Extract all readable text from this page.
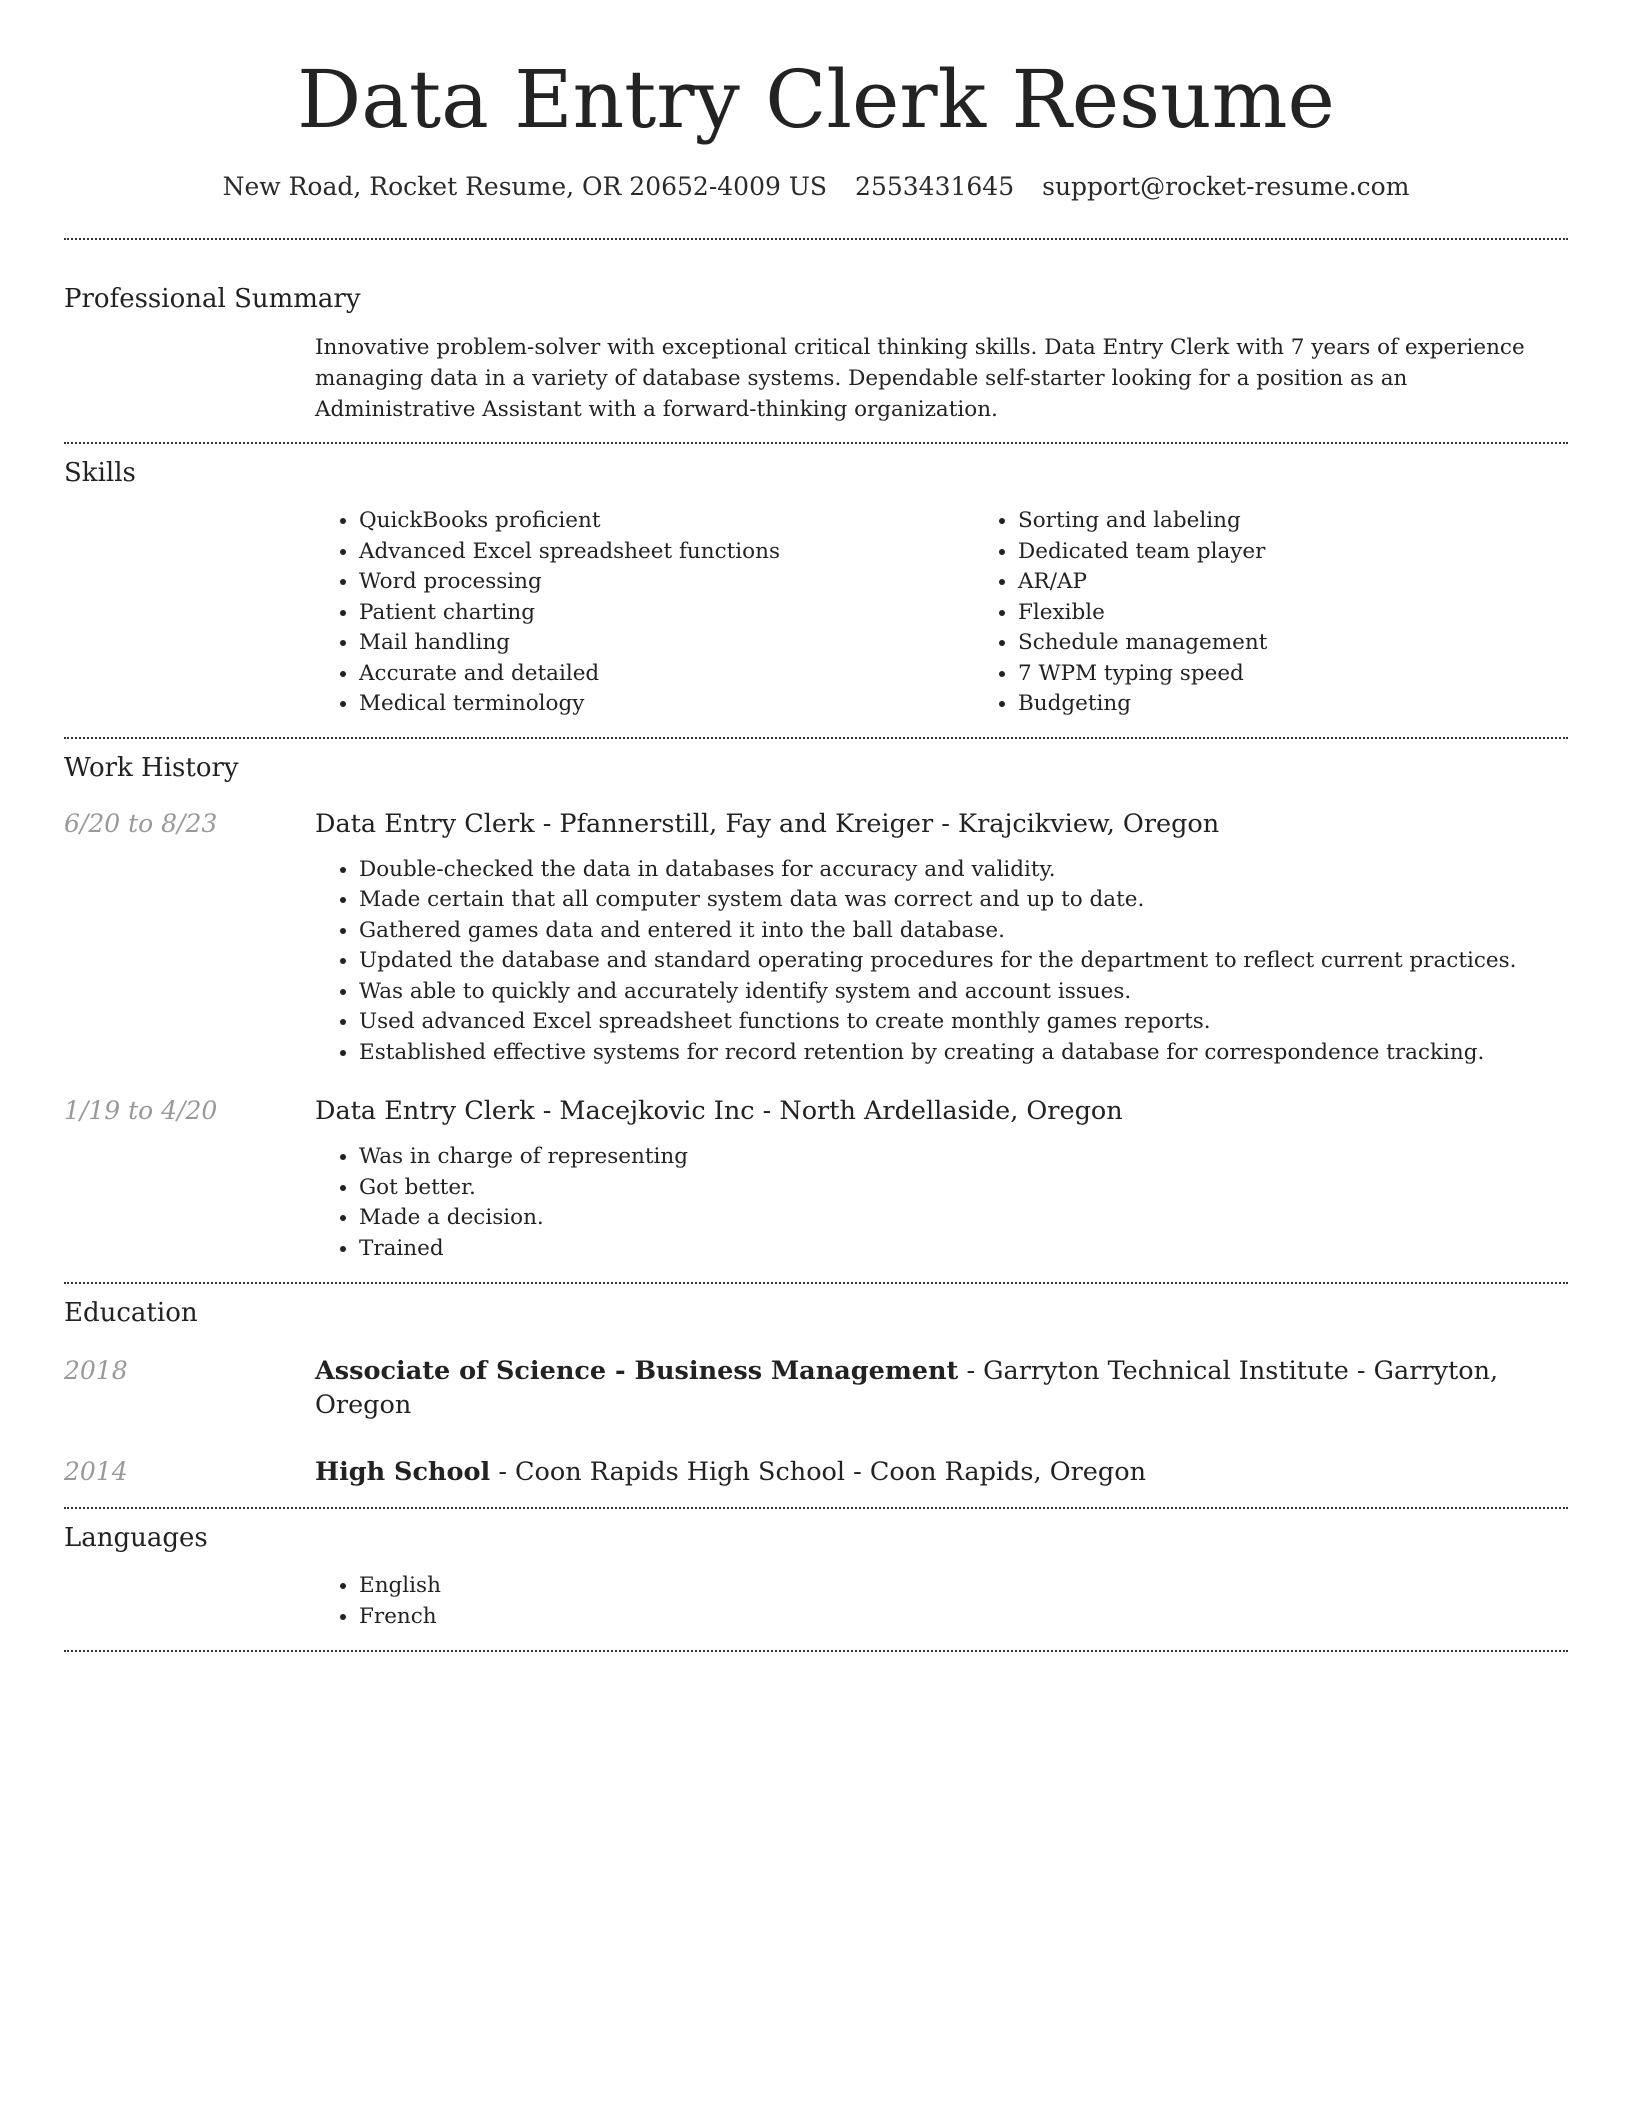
Data Entry Clerk Resume
New Road, Rocket Resume, OR 20652-4009 US 2553431645 support@rocket-resume.com
Professional Summary
Innovative problem-solver with exceptional critical thinking skills. Data Entry Clerk with 7 years of experience managing data in a variety of database systems. Dependable self-starter looking for a position as an Administrative Assistant with a forward-thinking organization.
Skills
• QuickBooks proficient
• Advanced Excel spreadsheet functions
• Word processing
• Patient charting
• Mail handling
• Accurate and detailed
• Medical terminology
• Sorting and labeling
• Dedicated team player
• AR/AP
• Flexible
• Schedule management
• 7 WPM typing speed
• Budgeting
Work History
6/20 to 8/23	Data Entry Clerk - Pfannerstill, Fay and Kreiger - Krajcikview, Oregon
• Double-checked the data in databases for accuracy and validity.
• Made certain that all computer system data was correct and up to date.
• Gathered games data and entered it into the ball database.
• Updated the database and standard operating procedures for the department to reflect current practices.
• Was able to quickly and accurately identify system and account issues.
• Used advanced Excel spreadsheet functions to create monthly games reports.
• Established effective systems for record retention by creating a database for correspondence tracking.
1/19 to 4/20	Data Entry Clerk - Macejkovic Inc - North Ardellaside, Oregon
• Was in charge of representing
• Got better.
• Made a decision.
• Trained
Education
2018	Associate of Science - Business Management - Garryton Technical Institute - Garryton, Oregon
2014	High School - Coon Rapids High School - Coon Rapids, Oregon
Languages
• English
• French
